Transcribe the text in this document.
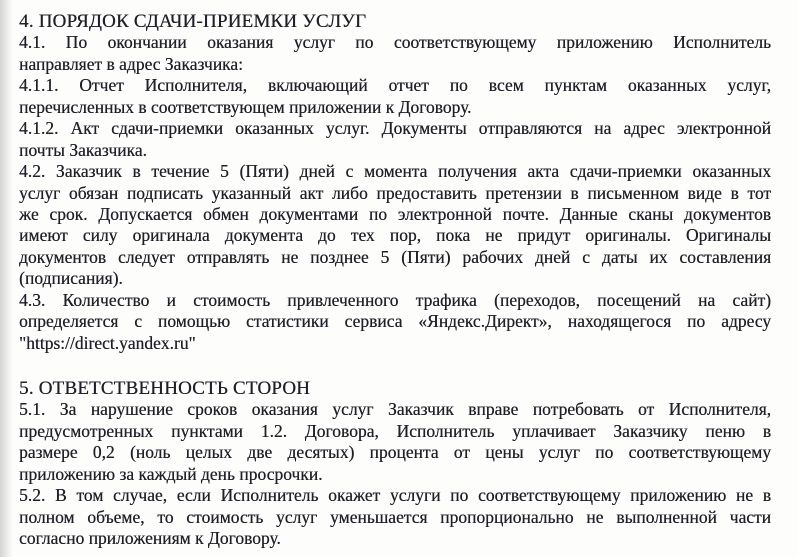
4. ПОРЯДОК СДАЧИ-ПРИЕМКИ УСЛУГ
4.1. По окончании оказания услуг по соответствующему приложению Исполнитель
направляет в адрес Заказчика:
4.1.1. Отчет Исполнителя, включающий отчет по всем пунктам оказанных услуг,
перечисленных в соответствующем приложении к Договору.
4.1.2. Акт сдачи-приемки оказанных услуг. Документы отправляются на адрес электронной
почты Заказчика.
4.2. Заказчик в течение 5 (Пяти) дней с момента получения акта сдачи-приемки оказанных
услуг обязан подписать указанный акт либо предоставить претензии в письменном виде в тот
же срок. Допускается обмен документами по электронной почте. Данные сканы документов
имеют силу оригинала документа до тех пор, пока не придут оригиналы. Оригиналы
документов следует отправлять не позднее 5 (Пяти) рабочих дней с даты их составления
(подписания).
4.3. Количество и стоимость привлеченного трафика (переходов, посещений на сайт)
определяется с помощью статистики сервиса «Яндекс.Директ», находящегося по адресу
"https://direct.yandex.ru"
5. ОТВЕТСТВЕННОСТЬ СТОРОН
5.1. За нарушение сроков оказания услуг Заказчик вправе потребовать от Исполнителя,
предусмотренных пунктами 1.2. Договора, Исполнитель уплачивает Заказчику пеню в
размере 0,2 (ноль целых две десятых) процента от цены услуг по соответствующему
приложению за каждый день просрочки.
5.2. В том случае, если Исполнитель окажет услуги по соответствующему приложению не в
полном объеме, то стоимость услуг уменьшается пропорционально не выполненной части
согласно приложениям к Договору.
